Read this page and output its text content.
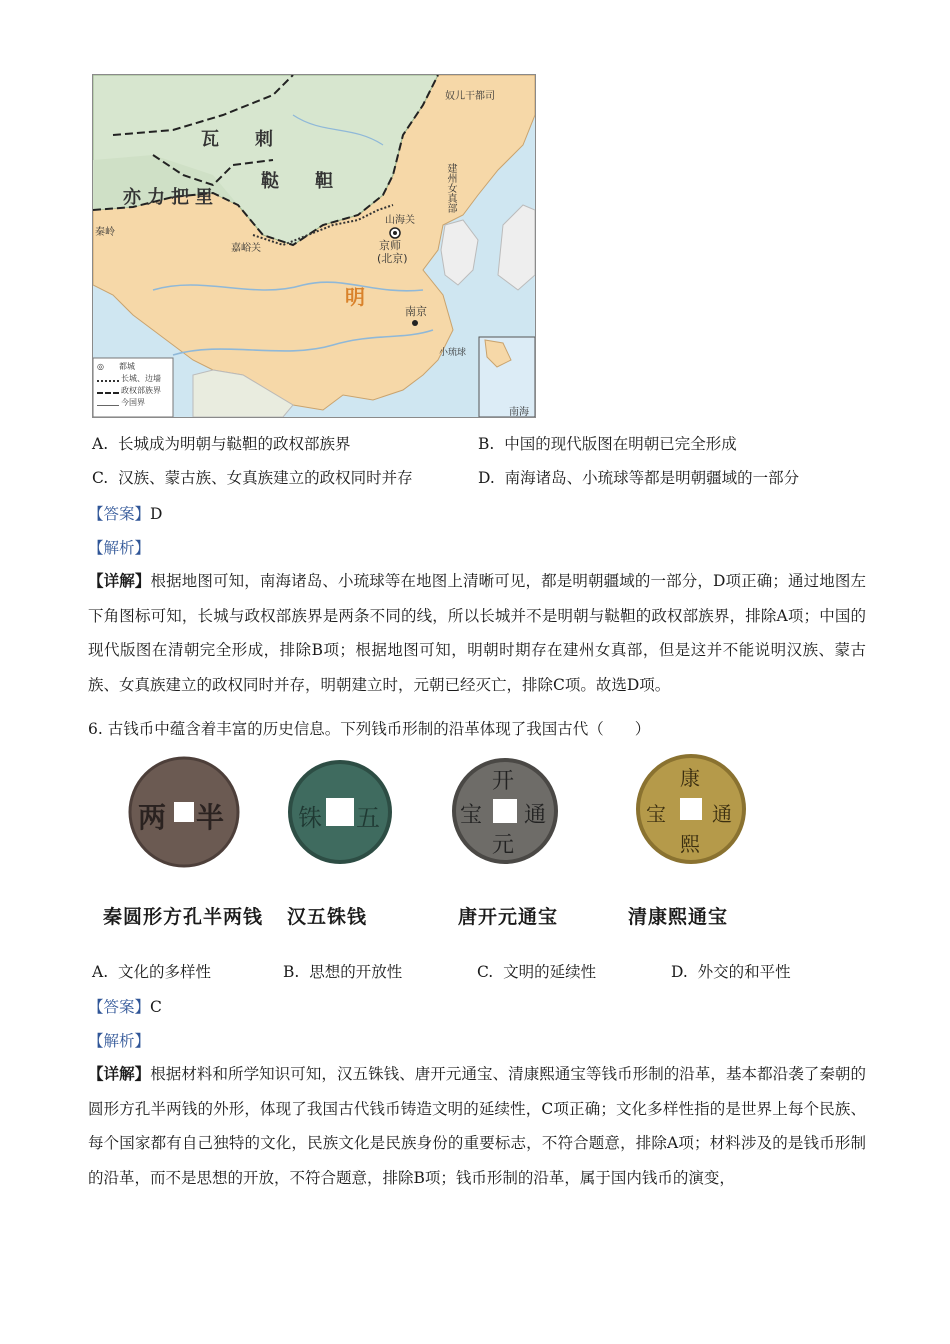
瓦　　刺
鞑　　靼
亦力把里
奴儿干都司
建州女真部
山海关
京师
(北京)
嘉峪关
明
南京
小琉球
南海
秦岭
◎ 都城
长城、边墙
政权部族界
今国界
A. 长城成为明朝与鞑靼的政权部族界	B. 中国的现代版图在明朝已完全形成
C. 汉族、蒙古族、女真族建立的政权同时并存	D. 南海诸岛、小琉球等都是明朝疆域的一部分
【答案】D
【解析】
【详解】根据地图可知，南海诸岛、小琉球等在地图上清晰可见，都是明朝疆域的一部分，D项正确；通过地图左下角图标可知，长城与政权部族界是两条不同的线，所以长城并不是明朝与鞑靼的政权部族界，排除A项；中国的现代版图在清朝完全形成，排除B项；根据地图可知，明朝时期存在建州女真部，但是这并不能说明汉族、蒙古族、女真族建立的政权同时并存，明朝建立时，元朝已经灭亡，排除C项。故选D项。
6. 古钱币中蕴含着丰富的历史信息。下列钱币形制的沿革体现了我国古代（　　）
半
两	五
铢
开
元
通
宝
康
熙
通
宝
秦圆形方孔半两钱 汉五铢钱	唐开元通宝	清康熙通宝
A. 文化的多样性	B. 思想的开放性	C. 文明的延续性	D. 外交的和平性
【答案】C
【解析】
【详解】根据材料和所学知识可知，汉五铢钱、唐开元通宝、清康熙通宝等钱币形制的沿革，基本都沿袭了秦朝的圆形方孔半两钱的外形，体现了我国古代钱币铸造文明的延续性，C项正确；文化多样性指的是世界上每个民族、每个国家都有自己独特的文化，民族文化是民族身份的重要标志，不符合题意，排除A项；材料涉及的是钱币形制的沿革，而不是思想的开放，不符合题意，排除B项；钱币形制的沿革，属于国内钱币的演变，
